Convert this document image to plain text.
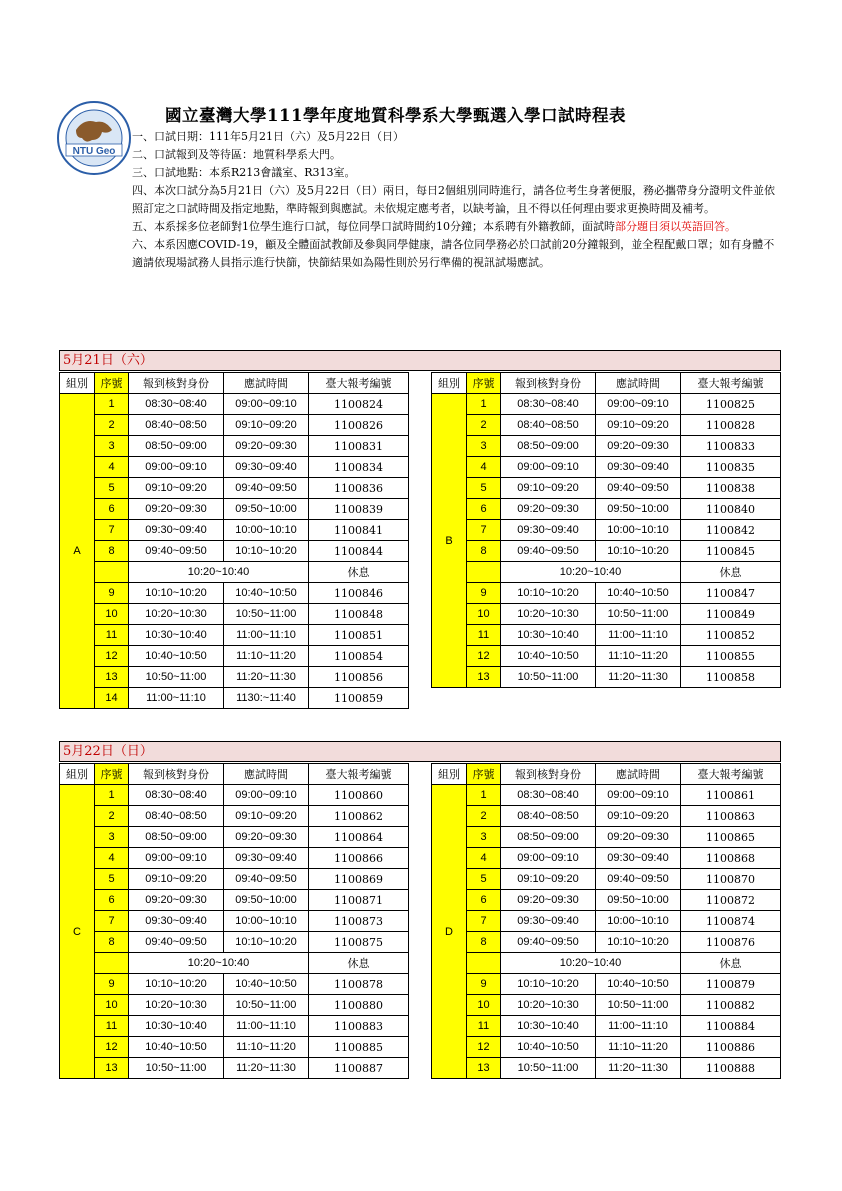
NTU Geo
國立臺灣大學111學年度地質科學系大學甄選入學口試時程表

一、口試日期：111年5月21日（六）及5月22日（日）

二、口試報到及等待區：地質科學系大門。

三、口試地點：本系R213會議室、R313室。

四、本次口試分為5月21日（六）及5月22日（日）兩日，每日2個組別同時進行，請各位考生身著便服，務必攜帶身分證明文件並依照訂定之口試時間及指定地點，準時報到與應試。未依規定應考者，以缺考論，且不得以任何理由要求更換時間及補考。

五、本系採多位老師對1位學生進行口試，每位同學口試時間約10分鐘；本系聘有外籍教師，面試時部分題目須以英語回答。

六、本系因應COVID-19，顧及全體面試教師及參與同學健康，請各位同學務必於口試前20分鐘報到，並全程配戴口罩；如有身體不適請依現場試務人員指示進行快篩，快篩結果如為陽性則於另行準備的視訊試場應試。

5月21日（六）
組別	序號	報到核對身份	應試時間	臺大報考編號
A	1	08:30~08:40	09:00~09:10	1100824
	2	08:40~08:50	09:10~09:20	1100826
	3	08:50~09:00	09:20~09:30	1100831
	4	09:00~09:10	09:30~09:40	1100834
	5	09:10~09:20	09:40~09:50	1100836
	6	09:20~09:30	09:50~10:00	1100839
	7	09:30~09:40	10:00~10:10	1100841
	8	09:40~09:50	10:10~10:20	1100844
		10:20~10:40		休息
	9	10:10~10:20	10:40~10:50	1100846
	10	10:20~10:30	10:50~11:00	1100848
	11	10:30~10:40	11:00~11:10	1100851
	12	10:40~10:50	11:10~11:20	1100854
	13	10:50~11:00	11:20~11:30	1100856
	14	11:00~11:10	1130:~11:40	1100859
組別	序號	報到核對身份	應試時間	臺大報考編號
B	1	08:30~08:40	09:00~09:10	1100825
	2	08:40~08:50	09:10~09:20	1100828
	3	08:50~09:00	09:20~09:30	1100833
	4	09:00~09:10	09:30~09:40	1100835
	5	09:10~09:20	09:40~09:50	1100838
	6	09:20~09:30	09:50~10:00	1100840
	7	09:30~09:40	10:00~10:10	1100842
	8	09:40~09:50	10:10~10:20	1100845
		10:20~10:40		休息
	9	10:10~10:20	10:40~10:50	1100847
	10	10:20~10:30	10:50~11:00	1100849
	11	10:30~10:40	11:00~11:10	1100852
	12	10:40~10:50	11:10~11:20	1100855
	13	10:50~11:00	11:20~11:30	1100858
5月22日（日）
組別	序號	報到核對身份	應試時間	臺大報考編號
C	1	08:30~08:40	09:00~09:10	1100860
	2	08:40~08:50	09:10~09:20	1100862
	3	08:50~09:00	09:20~09:30	1100864
	4	09:00~09:10	09:30~09:40	1100866
	5	09:10~09:20	09:40~09:50	1100869
	6	09:20~09:30	09:50~10:00	1100871
	7	09:30~09:40	10:00~10:10	1100873
	8	09:40~09:50	10:10~10:20	1100875
		10:20~10:40		休息
	9	10:10~10:20	10:40~10:50	1100878
	10	10:20~10:30	10:50~11:00	1100880
	11	10:30~10:40	11:00~11:10	1100883
	12	10:40~10:50	11:10~11:20	1100885
	13	10:50~11:00	11:20~11:30	1100887
組別	序號	報到核對身份	應試時間	臺大報考編號
D	1	08:30~08:40	09:00~09:10	1100861
	2	08:40~08:50	09:10~09:20	1100863
	3	08:50~09:00	09:20~09:30	1100865
	4	09:00~09:10	09:30~09:40	1100868
	5	09:10~09:20	09:40~09:50	1100870
	6	09:20~09:30	09:50~10:00	1100872
	7	09:30~09:40	10:00~10:10	1100874
	8	09:40~09:50	10:10~10:20	1100876
		10:20~10:40		休息
	9	10:10~10:20	10:40~10:50	1100879
	10	10:20~10:30	10:50~11:00	1100882
	11	10:30~10:40	11:00~11:10	1100884
	12	10:40~10:50	11:10~11:20	1100886
	13	10:50~11:00	11:20~11:30	1100888
